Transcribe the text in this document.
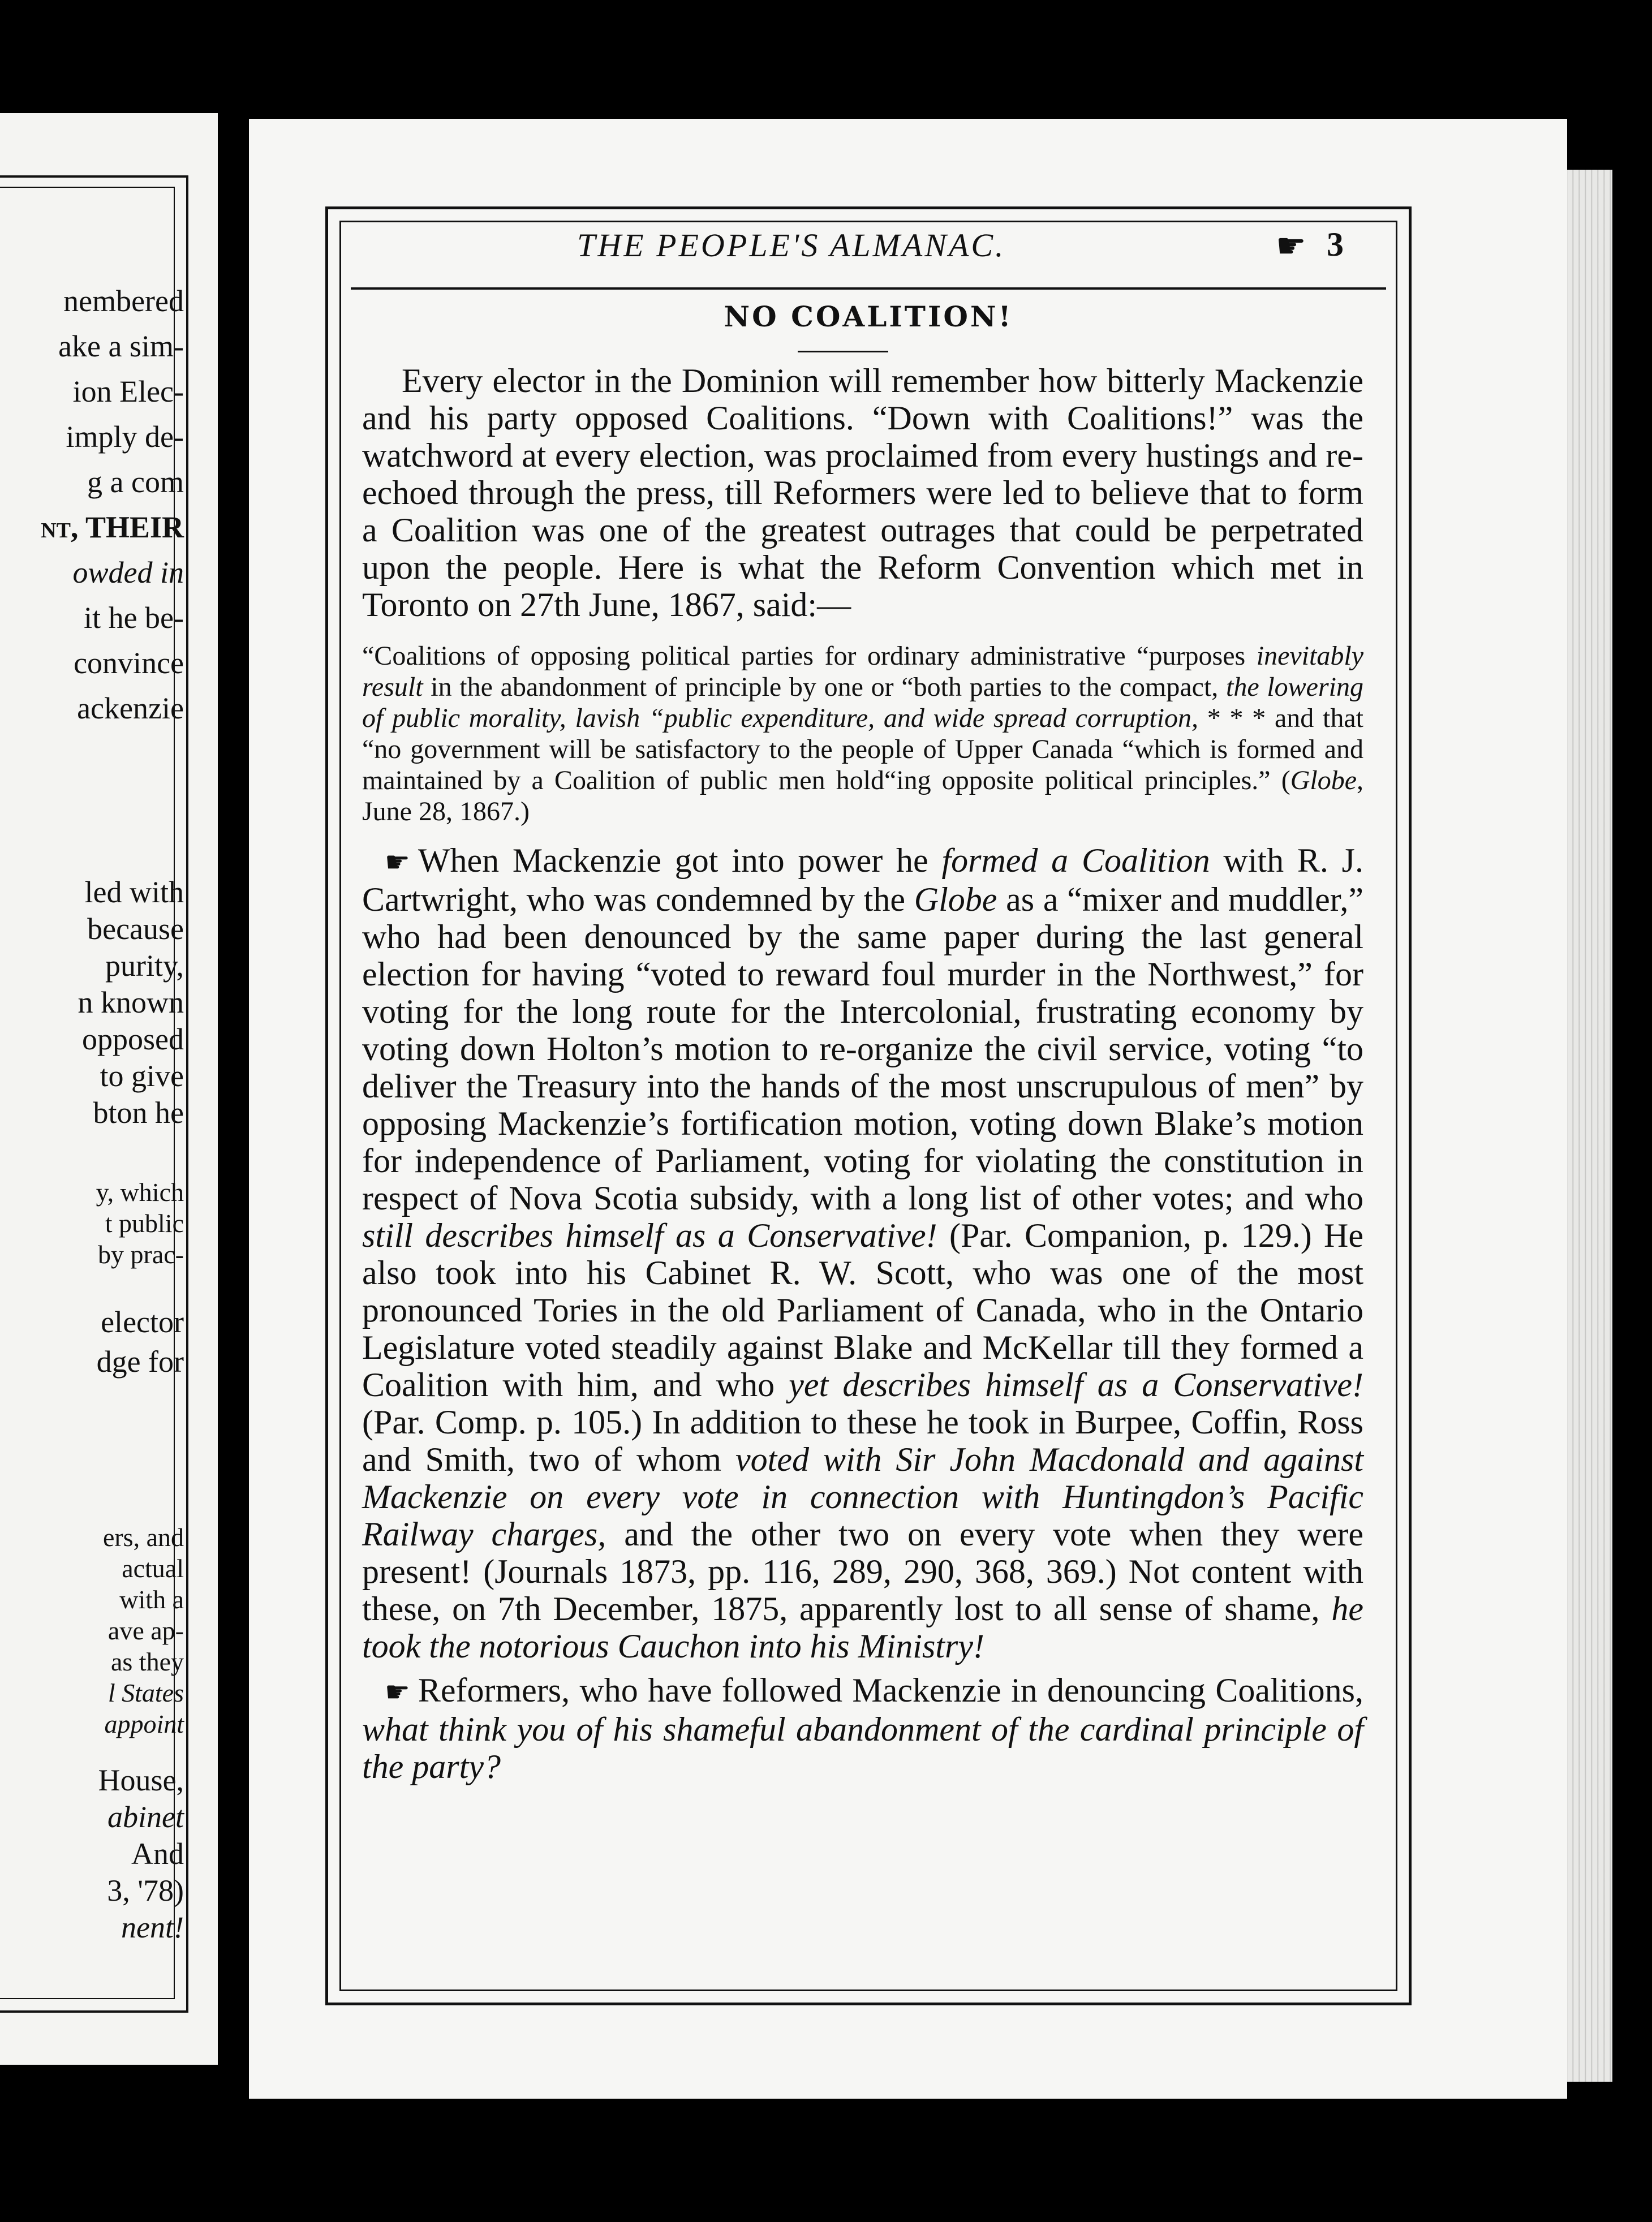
nembered

ake a sim-

ion Elec-

imply de-

g a com

nt, THEIR

owded in

it he be-

convince

ackenzie

led with

because

purity,

n known

opposed

to give

bton he

y, which

t public

by prac-

elector

dge for

ers, and

actual

with a

ave ap-

as they

l States

appoint

House,

abinet

And

3, '78)

nent!

THE PEOPLE'S ALMANAC.	☛ 3

NO COALITION!

Every elector in the Dominion will remember how bitterly Mackenzie and his party opposed Coalitions. “Down with Coalitions!” was the watchword at every election, was proclaimed from every hustings and re-echoed through the press, till Reformers were led to believe that to form a Coalition was one of the greatest outrages that could be perpetrated upon the people. Here is what the Reform Convention which met in Toronto on 27th June, 1867, said:—

“Coalitions of opposing political parties for ordinary administrative “purposes inevitably result in the abandonment of principle by one or “both parties to the compact, the lowering of public morality, lavish “public expenditure, and wide spread corruption, * * * and that “no government will be satisfactory to the people of Upper Canada “which is formed and maintained by a Coalition of public men hold“ing opposite political principles.” (Globe, June 28, 1867.)

☛ When Mackenzie got into power he formed a Coalition with R. J. Cartwright, who was condemned by the Globe as a “mixer and muddler,” who had been denounced by the same paper during the last general election for having “voted to reward foul murder in the Northwest,” for voting for the long route for the Intercolonial, frustrating economy by voting down Holton’s motion to re-organize the civil service, voting “to deliver the Treasury into the hands of the most unscrupulous of men” by opposing Mackenzie’s fortification motion, voting down Blake’s motion for independence of Parliament, voting for violating the constitution in respect of Nova Scotia subsidy, with a long list of other votes; and who still describes himself as a Conservative! (Par. Companion, p. 129.) He also took into his Cabinet R. W. Scott, who was one of the most pronounced Tories in the old Parliament of Canada, who in the Ontario Legislature voted steadily against Blake and McKellar till they formed a Coalition with him, and who yet describes himself as a Conservative! (Par. Comp. p. 105.) In addition to these he took in Burpee, Coffin, Ross and Smith, two of whom voted with Sir John Macdonald and against Mackenzie on every vote in connection with Huntingdon’s Pacific Railway charges, and the other two on every vote when they were present! (Journals 1873, pp. 116, 289, 290, 368, 369.) Not content with these, on 7th December, 1875, apparently lost to all sense of shame, he took the notorious Cauchon into his Ministry!

☛ Reformers, who have followed Mackenzie in denouncing Coalitions, what think you of his shameful abandonment of the cardinal principle of the party?
